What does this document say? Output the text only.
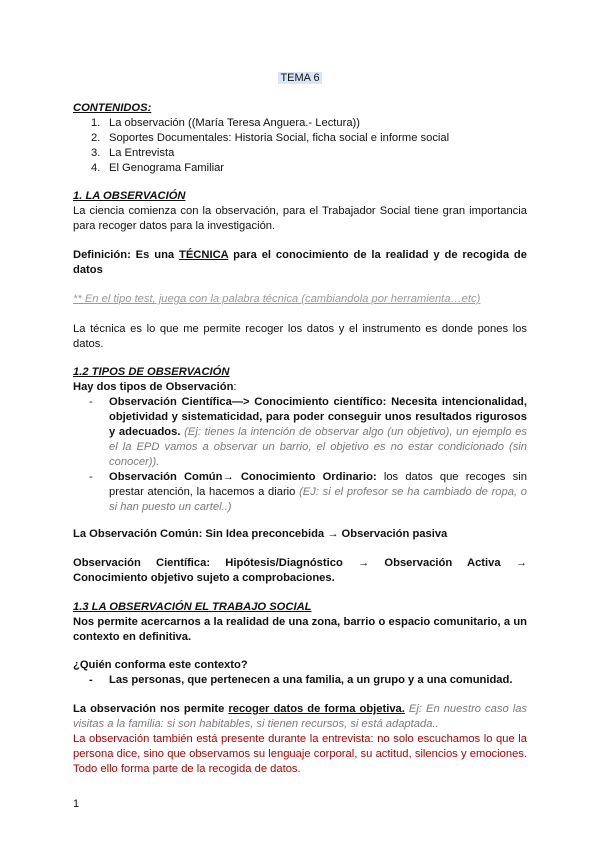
TEMA 6
CONTENIDOS:
1. La observación ((María Teresa Anguera.- Lectura))
2. Soportes Documentales: Historia Social, ficha social e informe social
3. La Entrevista
4. El Genograma Familiar
1. LA OBSERVACIÓN
La ciencia comienza con la observación, para el Trabajador Social tiene gran importancia para recoger datos para la investigación.
Definición: Es una TÉCNICA para el conocimiento de la realidad y de recogida de datos
** En el tipo test, juega con la palabra técnica (cambiandola por herramienta…etc)
La técnica es lo que me permite recoger los datos y el instrumento es donde pones los datos.
1.2 TIPOS DE OBSERVACIÓN
Hay dos tipos de Observación:
- Observación Científica—> Conocimiento científico: Necesita intencionalidad, objetividad y sistematicidad, para poder conseguir unos resultados rigurosos y adecuados. (Ej: tienes la intención de observar algo (un objetivo), un ejemplo es el la EPD vamos a observar un barrio, el objetivo es no estar condicionado (sin conocer)).
- Observación Común→ Conocimiento Ordinario: los datos que recoges sin prestar atención, la hacemos a diario (EJ: si el profesor se ha cambiado de ropa, o si han puesto un cartel..)
La Observación Común: Sin Idea preconcebida → Observación pasiva
Observación Científica: Hipótesis/Diagnóstico → Observación Activa → Conocimiento objetivo sujeto a comprobaciones.
1.3 LA OBSERVACIÓN EL TRABAJO SOCIAL
Nos permite acercarnos a la realidad de una zona, barrio o espacio comunitario, a un contexto en definitiva.
¿Quién conforma este contexto?
- Las personas, que pertenecen a una familia, a un grupo y a una comunidad.
La observación nos permite recoger datos de forma objetiva. Ej: En nuestro caso las visitas a la familia: si son habitables, si tienen recursos, si está adaptada..
La observación también está presente durante la entrevista: no solo escuchamos lo que la persona dice, sino que observamos su lenguaje corporal, su actitud, silencios y emociones. Todo ello forma parte de la recogida de datos.
1
